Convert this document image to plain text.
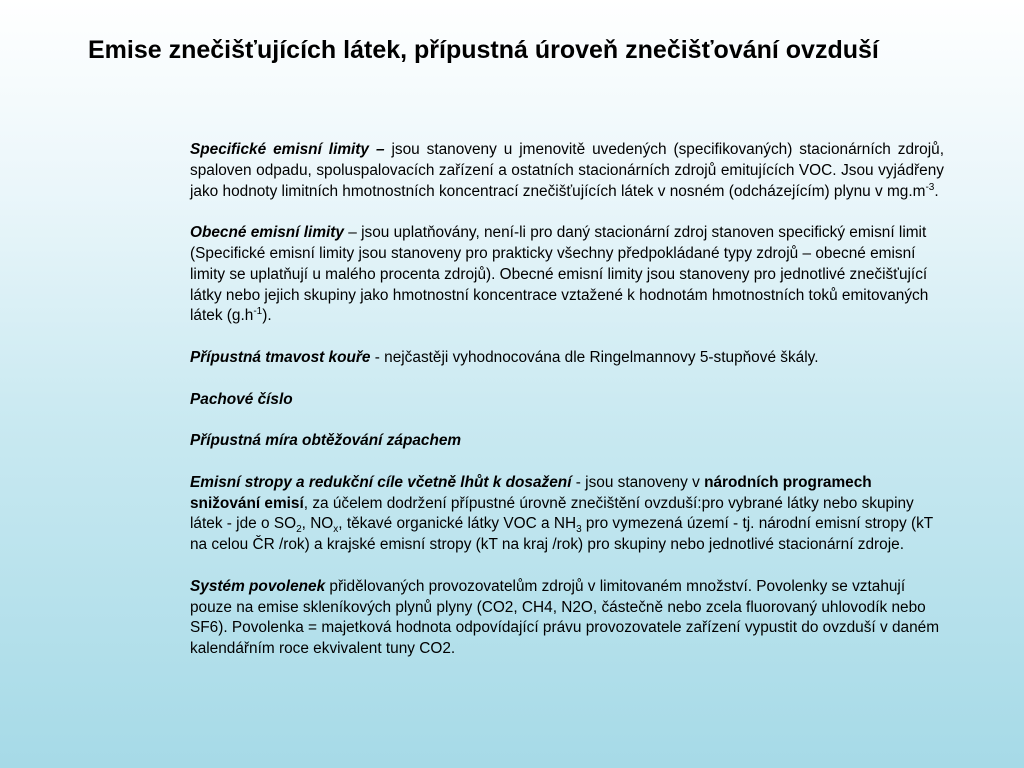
Emise znečišťujících látek, přípustná úroveň znečišťování ovzduší

Specifické emisní limity – jsou stanoveny u jmenovitě uvedených (specifikovaných) stacionárních zdrojů, spaloven odpadu, spoluspalovacích zařízení a ostatních stacionárních zdrojů emitujících VOC. Jsou vyjádřeny jako hodnoty limitních hmotnostních koncentrací znečišťujících látek v nosném (odcházejícím) plynu v $mg.m^{-3}$.

Obecné emisní limity – jsou uplatňovány, není-li pro daný stacionární zdroj stanoven specifický emisní limit (Specifické emisní limity jsou stanoveny pro prakticky všechny předpokládané typy zdrojů – obecné emisní limity se uplatňují u malého procenta zdrojů). Obecné emisní limity jsou stanoveny pro jednotlivé znečišťující látky nebo jejich skupiny jako hmotnostní koncentrace vztažené k hodnotám hmotnostních toků emitovaných látek $(g.h^{-1})$.

Přípustná tmavost kouře - nejčastěji vyhodnocována dle Ringelmannovy 5-stupňové škály.

Pachové číslo

Přípustná míra obtěžování zápachem

Emisní stropy a redukční cíle včetně lhůt k dosažení - jsou stanoveny v národních programech snižování emisí, za účelem dodržení přípustné úrovně znečištění ovzduší:pro vybrané látky nebo skupiny látek - jde o $SO_2$, $NO_x$, těkavé organické látky VOC a $NH_3$ pro vymezená území - tj. národní emisní stropy (kT na celou ČR /rok) a krajské emisní stropy (kT na kraj /rok) pro skupiny nebo jednotlivé stacionární zdroje.

Systém povolenek přidělovaných provozovatelům zdrojů v limitovaném množství. Povolenky se vztahují pouze na emise skleníkových plynů plyny (CO2, CH4, N2O, částečně nebo zcela fluorovaný uhlovodík nebo SF6). Povolenka = majetková hodnota odpovídající právu provozovatele zařízení vypustit do ovzduší v daném kalendářním roce ekvivalent tuny CO2.
